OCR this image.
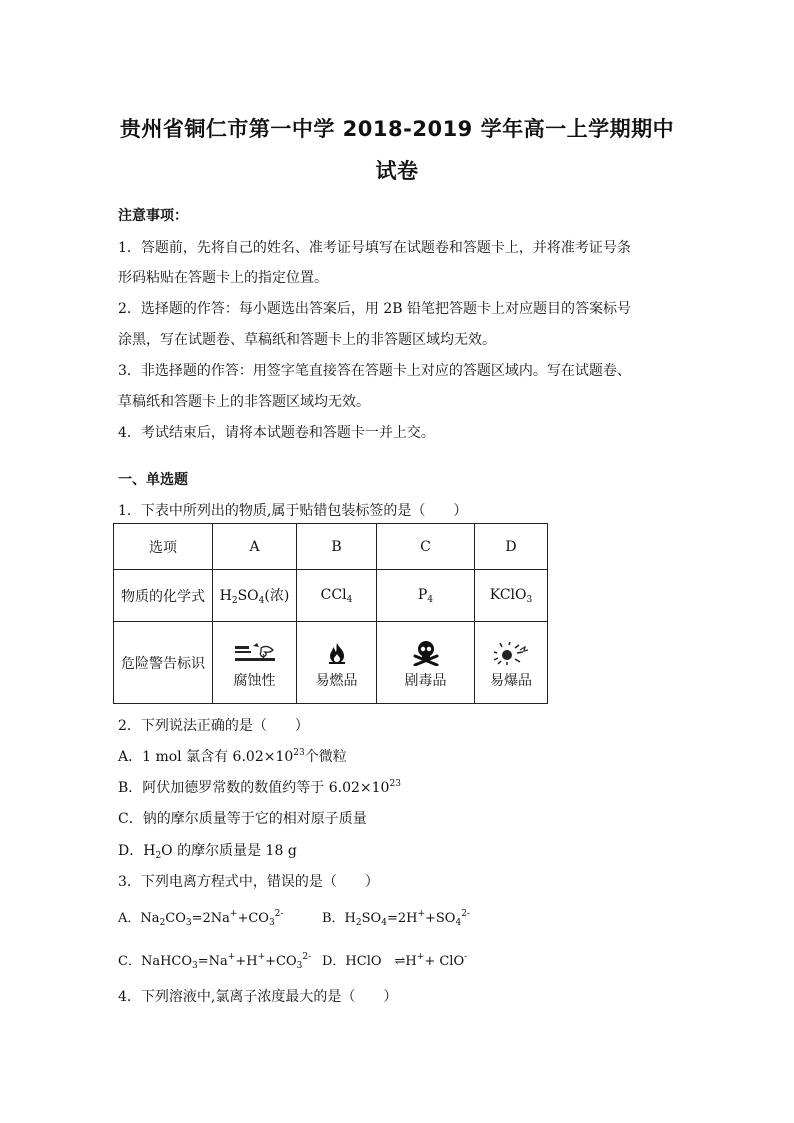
贵州省铜仁市第一中学 2018-2019 学年高一上学期期中
试卷
注意事项：
1．答题前，先将自己的姓名、准考证号填写在试题卷和答题卡上，并将准考证号条
形码粘贴在答题卡上的指定位置。
2．选择题的作答：每小题选出答案后，用 2B 铅笔把答题卡上对应题目的答案标号
涂黑，写在试题卷、草稿纸和答题卡上的非答题区域均无效。
3．非选择题的作答：用签字笔直接答在答题卡上对应的答题区域内。写在试题卷、
草稿纸和答题卡上的非答题区域均无效。
4．考试结束后，请将本试题卷和答题卡一并上交。
一、单选题
1．下表中所列出的物质,属于贴错包装标签的是（　　）
选项	A	B	C	D
物质的化学式	$H_2SO_4$(浓)	CCl$_4$	$P_4$	KClO$_3$
危险警告标识	腐蚀性	易燃品	剧毒品	易爆品
2．下列说法正确的是（　　）
A．1 mol 氯含有 $6.02\times 10^{23}$个微粒
B．阿伏加德罗常数的数值约等于 $6.02\times 10^{23}$
C．钠的摩尔质量等于它的相对原子质量
D．$H_2O$ 的摩尔质量是 18 g
3．下列电离方程式中，错误的是（　　）
A．$Na_2CO_3=2Na^++CO_3^{2-}$	B．$H_2SO_4=2H^++SO_4^{2-}$
C．$NaHCO_3=Na^++H^++CO_3^{2-}$ D．HClO　⇌H++ ClO-
4．下列溶液中,氯离子浓度最大的是（　　）
